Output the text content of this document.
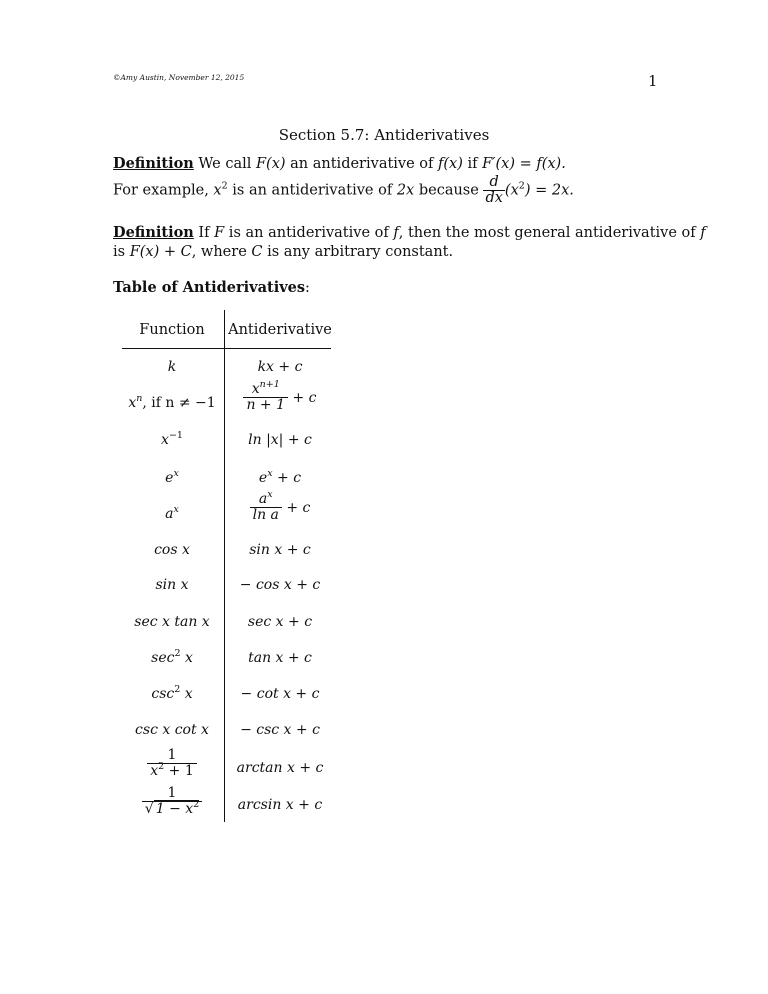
©Amy Austin, November 12, 2015	1
Section 5.7: Antiderivatives
Definition We call F(x) an antiderivative of f(x) if F′(x) = f(x).
For example, $x^2$ is an antiderivative of 2x because $\frac{d}{dx} (x^2) = 2x$.
Definition If F is an antiderivative of f, then the most general antiderivative of f
is F(x) + C, where C is any arbitrary constant.
Table of Antiderivatives:
Function	Antiderivative
k	kx + c
$x^n$, if n ≠ −1	$\frac{x^{n+1}}{n + 1} + c$
$x^{-1}$	ln |x| + c
$e^x$	$e^x + c$
$a^x$	$\frac{a^x}{\text{ln a}} + c$
cos x	sin x + c
sin x	− cos x + c
sec x tan x	sec x + c
$\sec^2 x$	tan x + c
$\csc^2 x$	− cot x + c
csc x cot x	− csc x + c
$\frac{1}{x^2 + 1}$	arctan x + c
$\frac{1}{√ 1 - x^2}$	arcsin x + c
